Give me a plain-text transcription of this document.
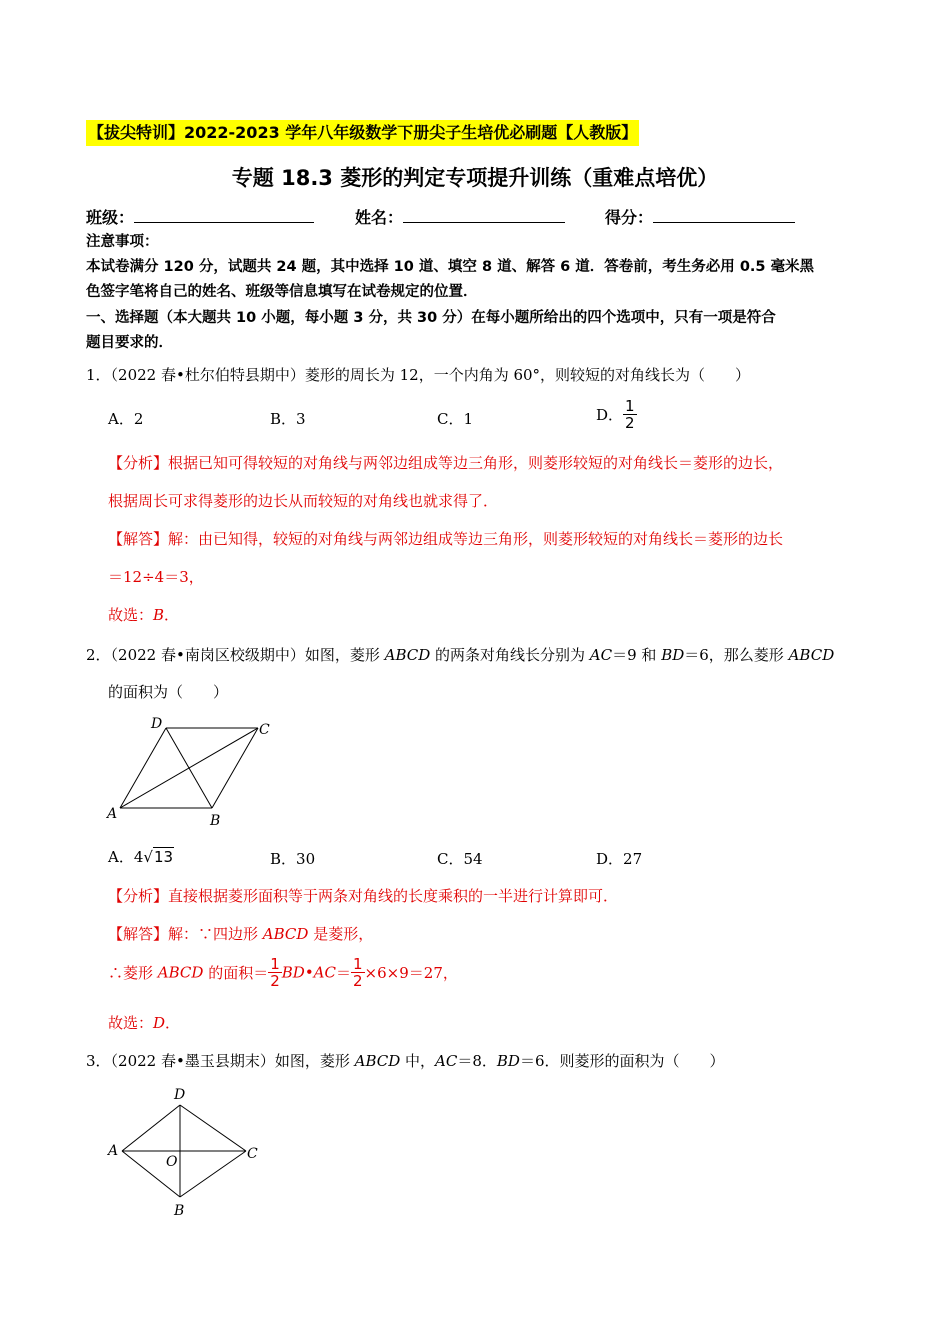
【拔尖特训】2022-2023 学年八年级数学下册尖子生培优必刷题【人教版】
专题 18.3 菱形的判定专项提升训练（重难点培优）
班级：	姓名：	得分：
注意事项：
本试卷满分 120 分，试题共 24 题，其中选择 10 道、填空 8 道、解答 6 道．答卷前，考生务必用 0.5 毫米黑
色签字笔将自己的姓名、班级等信息填写在试卷规定的位置．
一、选择题（本大题共 10 小题，每小题 3 分，共 30 分）在每小题所给出的四个选项中，只有一项是符合
题目要求的．
1．（2022 春•杜尔伯特县期中）菱形的周长为 12，一个内角为 60°，则较短的对角线长为（　　）
A．2	B．3	C．1	D． $\frac{1}{2}$
【分析】根据已知可得较短的对角线与两邻边组成等边三角形，则菱形较短的对角线长＝菱形的边长，
根据周长可求得菱形的边长从而较短的对角线也就求得了．
【解答】解：由已知得，较短的对角线与两邻边组成等边三角形，则菱形较短的对角线长＝菱形的边长
＝12÷4＝3，
故选：B．
2．（2022 春•南岗区校级期中）如图，菱形 ABCD 的两条对角线长分别为 AC＝9 和 BD＝6，那么菱形 ABCD
的面积为（　　）
A	B
C
D
A．4√13	B．30	C．54	D．27
【分析】直接根据菱形面积等于两条对角线的长度乘积的一半进行计算即可．
【解答】解：∵四边形 ABCD 是菱形，
∴菱形 ABCD 的面积＝ $\frac{1}{2}$ BD•AC＝ $\frac{1}{2} \times 6\times 9=27$，
故选：D．
3．（2022 春•墨玉县期末）如图，菱形 ABCD 中，AC＝8．BD＝6．则菱形的面积为（　　）
A	C
D
B
O
